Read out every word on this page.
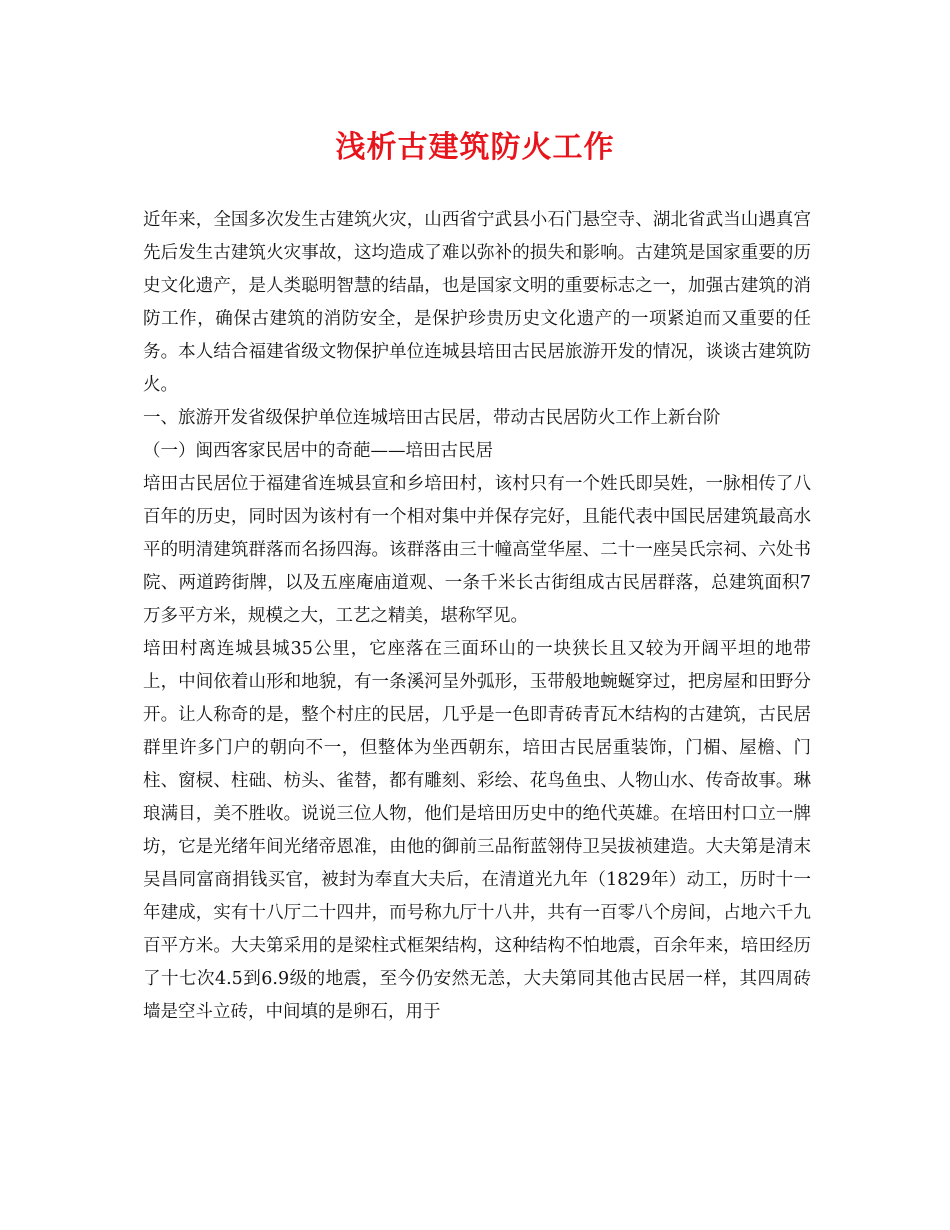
浅析古建筑防火工作

近年来，全国多次发生古建筑火灾，山西省宁武县小石门悬空寺、湖北省武当山遇真宫先后发生古建筑火灾事故，这均造成了难以弥补的损失和影响。古建筑是国家重要的历史文化遗产，是人类聪明智慧的结晶，也是国家文明的重要标志之一，加强古建筑的消防工作，确保古建筑的消防安全，是保护珍贵历史文化遗产的一项紧迫而又重要的任务。本人结合福建省级文物保护单位连城县培田古民居旅游开发的情况，谈谈古建筑防火。

一、旅游开发省级保护单位连城培田古民居，带动古民居防火工作上新台阶

（一）闽西客家民居中的奇葩——培田古民居

培田古民居位于福建省连城县宣和乡培田村，该村只有一个姓氏即吴姓，一脉相传了八百年的历史，同时因为该村有一个相对集中并保存完好，且能代表中国民居建筑最高水平的明清建筑群落而名扬四海。该群落由三十幢高堂华屋、二十一座吴氏宗祠、六处书院、两道跨街牌，以及五座庵庙道观、一条千米长古街组成古民居群落，总建筑面积7万多平方米，规模之大，工艺之精美，堪称罕见。

培田村离连城县城35公里，它座落在三面环山的一块狭长且又较为开阔平坦的地带上，中间依着山形和地貌，有一条溪河呈外弧形，玉带般地蜿蜒穿过，把房屋和田野分开。让人称奇的是，整个村庄的民居，几乎是一色即青砖青瓦木结构的古建筑，古民居群里许多门户的朝向不一，但整体为坐西朝东，培田古民居重装饰，门楣、屋檐、门柱、窗棂、柱础、枋头、雀替，都有雕刻、彩绘、花鸟鱼虫、人物山水、传奇故事。琳琅满目，美不胜收。说说三位人物，他们是培田历史中的绝代英雄。在培田村口立一牌坊，它是光绪年间光绪帝恩准，由他的御前三品衔蓝翎侍卫吴拔祯建造。大夫第是清末吴昌同富商捐钱买官，被封为奉直大夫后，在清道光九年（1829年）动工，历时十一年建成，实有十八厅二十四井，而号称九厅十八井，共有一百零八个房间，占地六千九百平方米。大夫第采用的是梁柱式框架结构，这种结构不怕地震，百余年来，培田经历了十七次4.5到6.9级的地震，至今仍安然无恙，大夫第同其他古民居一样，其四周砖墙是空斗立砖，中间填的是卵石，用于
